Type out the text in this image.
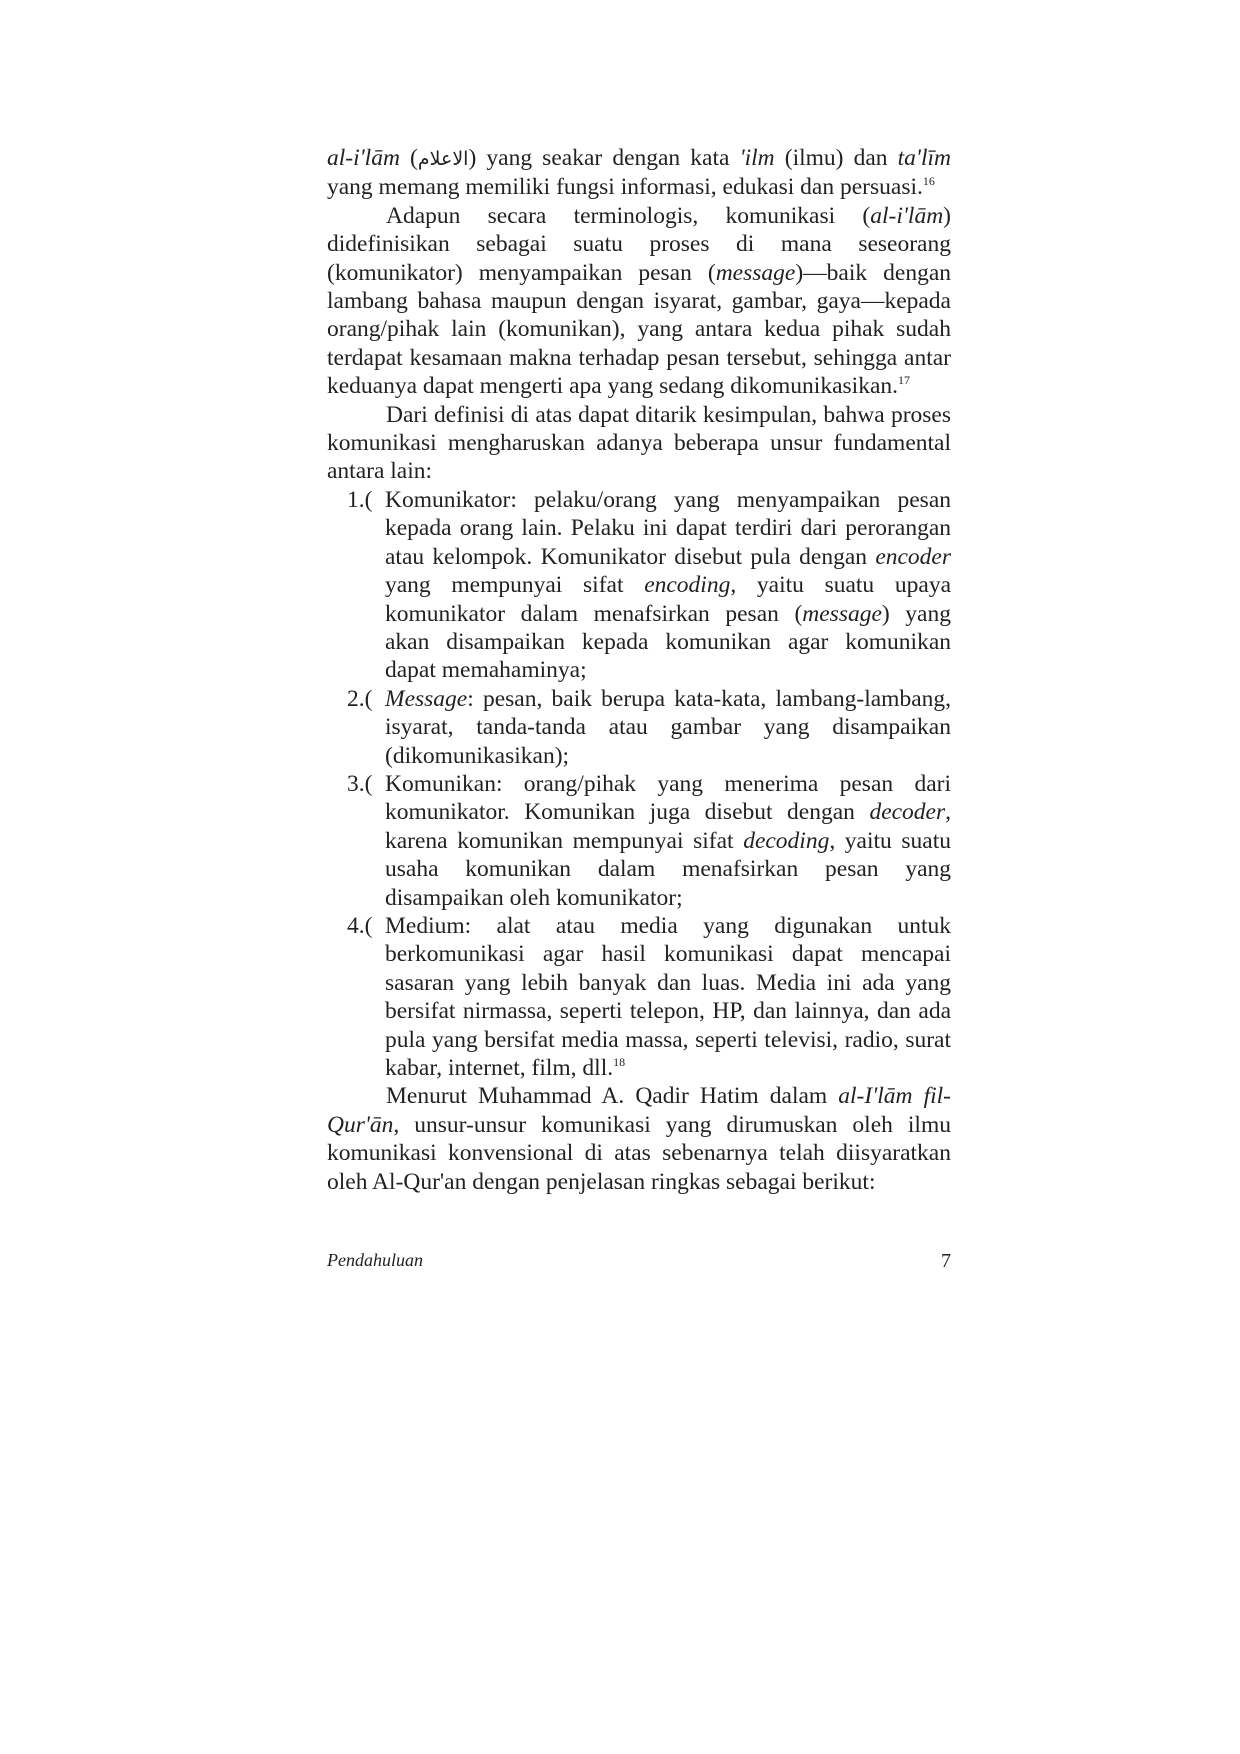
al-i'lām (الاعلام) yang seakar dengan kata 'ilm (ilmu) dan ta'līm yang memang memiliki fungsi informasi, edukasi dan persuasi.$^{16}$

Adapun secara terminologis, komunikasi (al-i'lām) didefinisikan sebagai suatu proses di mana seseorang (komunikator) menyampaikan pesan (message)—baik dengan lambang bahasa maupun dengan isyarat, gambar, gaya—kepada orang/pihak lain (komunikan), yang antara kedua pihak sudah terdapat kesamaan makna terhadap pesan tersebut, sehingga antar keduanya dapat mengerti apa yang sedang dikomunikasikan.$^{17}$

Dari definisi di atas dapat ditarik kesimpulan, bahwa proses komunikasi mengharuskan adanya beberapa unsur fundamental antara lain:

1.( Komunikator: pelaku/orang yang menyampaikan pesan kepada orang lain. Pelaku ini dapat terdiri dari perorangan atau kelompok. Komunikator disebut pula dengan encoder yang mempunyai sifat encoding, yaitu suatu upaya komunikator dalam menafsirkan pesan (message) yang akan disampaikan kepada komunikan agar komunikan dapat memahaminya;
2.( Message: pesan, baik berupa kata-kata, lambang-lambang, isyarat, tanda-tanda atau gambar yang disampaikan (dikomunikasikan);
3.( Komunikan: orang/pihak yang menerima pesan dari komunikator. Komunikan juga disebut dengan decoder, karena komunikan mempunyai sifat decoding, yaitu suatu usaha komunikan dalam menafsirkan pesan yang disampaikan oleh komunikator;
4.( Medium: alat atau media yang digunakan untuk berkomunikasi agar hasil komunikasi dapat mencapai sasaran yang lebih banyak dan luas. Media ini ada yang bersifat nirmassa, seperti telepon, HP, dan lainnya, dan ada pula yang bersifat media massa, seperti televisi, radio, surat kabar, internet, film, dll.$^{18}$

Menurut Muhammad A. Qadir Hatim dalam al-I'lām fil-Qur'ān, unsur-unsur komunikasi yang dirumuskan oleh ilmu komunikasi konvensional di atas sebenarnya telah diisyaratkan oleh Al-Qur'an dengan penjelasan ringkas sebagai berikut:

Pendahuluan	7
